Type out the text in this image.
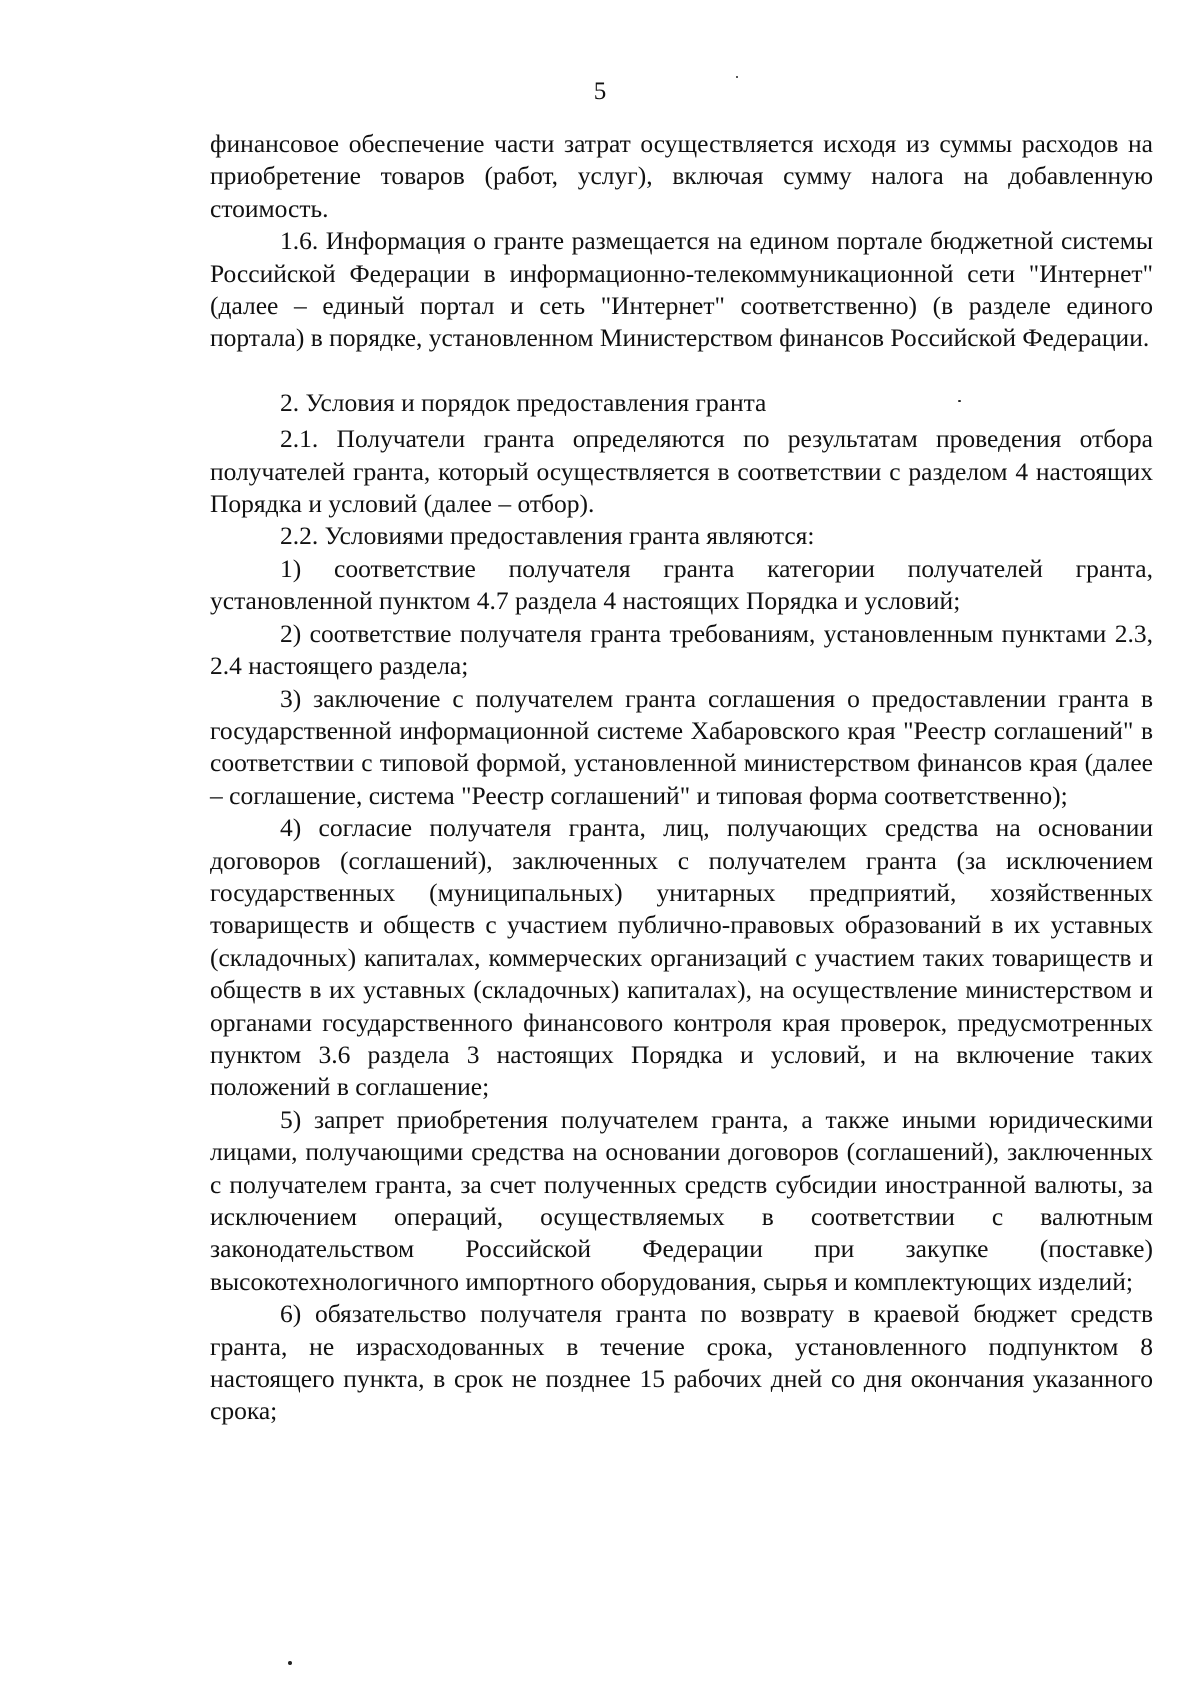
5

финансовое обеспечение части затрат осуществляется исходя из суммы расходов на приобретение товаров (работ, услуг), включая сумму налога на добавленную стоимость.

1.6. Информация о гранте размещается на едином портале бюджетной системы Российской Федерации в информационно-телекоммуникационной сети "Интернет" (далее – единый портал и сеть "Интернет" соответственно) (в разделе единого портала) в порядке, установленном Министерством финансов Российской Федерации.

2. Условия и порядок предоставления гранта

2.1. Получатели гранта определяются по результатам проведения отбора получателей гранта, который осуществляется в соответствии с разделом 4 настоящих Порядка и условий (далее – отбор).

2.2. Условиями предоставления гранта являются:

1) соответствие получателя гранта категории получателей гранта, установленной пунктом 4.7 раздела 4 настоящих Порядка и условий;

2) соответствие получателя гранта требованиям, установленным пунктами 2.3, 2.4 настоящего раздела;

3) заключение с получателем гранта соглашения о предоставлении гранта в государственной информационной системе Хабаровского края "Реестр соглашений" в соответствии с типовой формой, установленной министерством финансов края (далее – соглашение, система "Реестр соглашений" и типовая форма соответственно);

4) согласие получателя гранта, лиц, получающих средства на основании договоров (соглашений), заключенных с получателем гранта (за исключением государственных (муниципальных) унитарных предприятий, хозяйственных товариществ и обществ с участием публично-правовых образований в их уставных (складочных) капиталах, коммерческих организаций с участием таких товариществ и обществ в их уставных (складочных) капиталах), на осуществление министерством и органами государственного финансового контроля края проверок, предусмотренных пунктом 3.6 раздела 3 настоящих Порядка и условий, и на включение таких положений в соглашение;

5) запрет приобретения получателем гранта, а также иными юридическими лицами, получающими средства на основании договоров (соглашений), заключенных с получателем гранта, за счет полученных средств субсидии иностранной валюты, за исключением операций, осуществляемых в соответствии с валютным законодательством Российской Федерации при закупке (поставке) высокотехнологичного импортного оборудования, сырья и комплектующих изделий;

6) обязательство получателя гранта по возврату в краевой бюджет средств гранта, не израсходованных в течение срока, установленного подпунктом 8 настоящего пункта, в срок не позднее 15 рабочих дней со дня окончания указанного срока;
